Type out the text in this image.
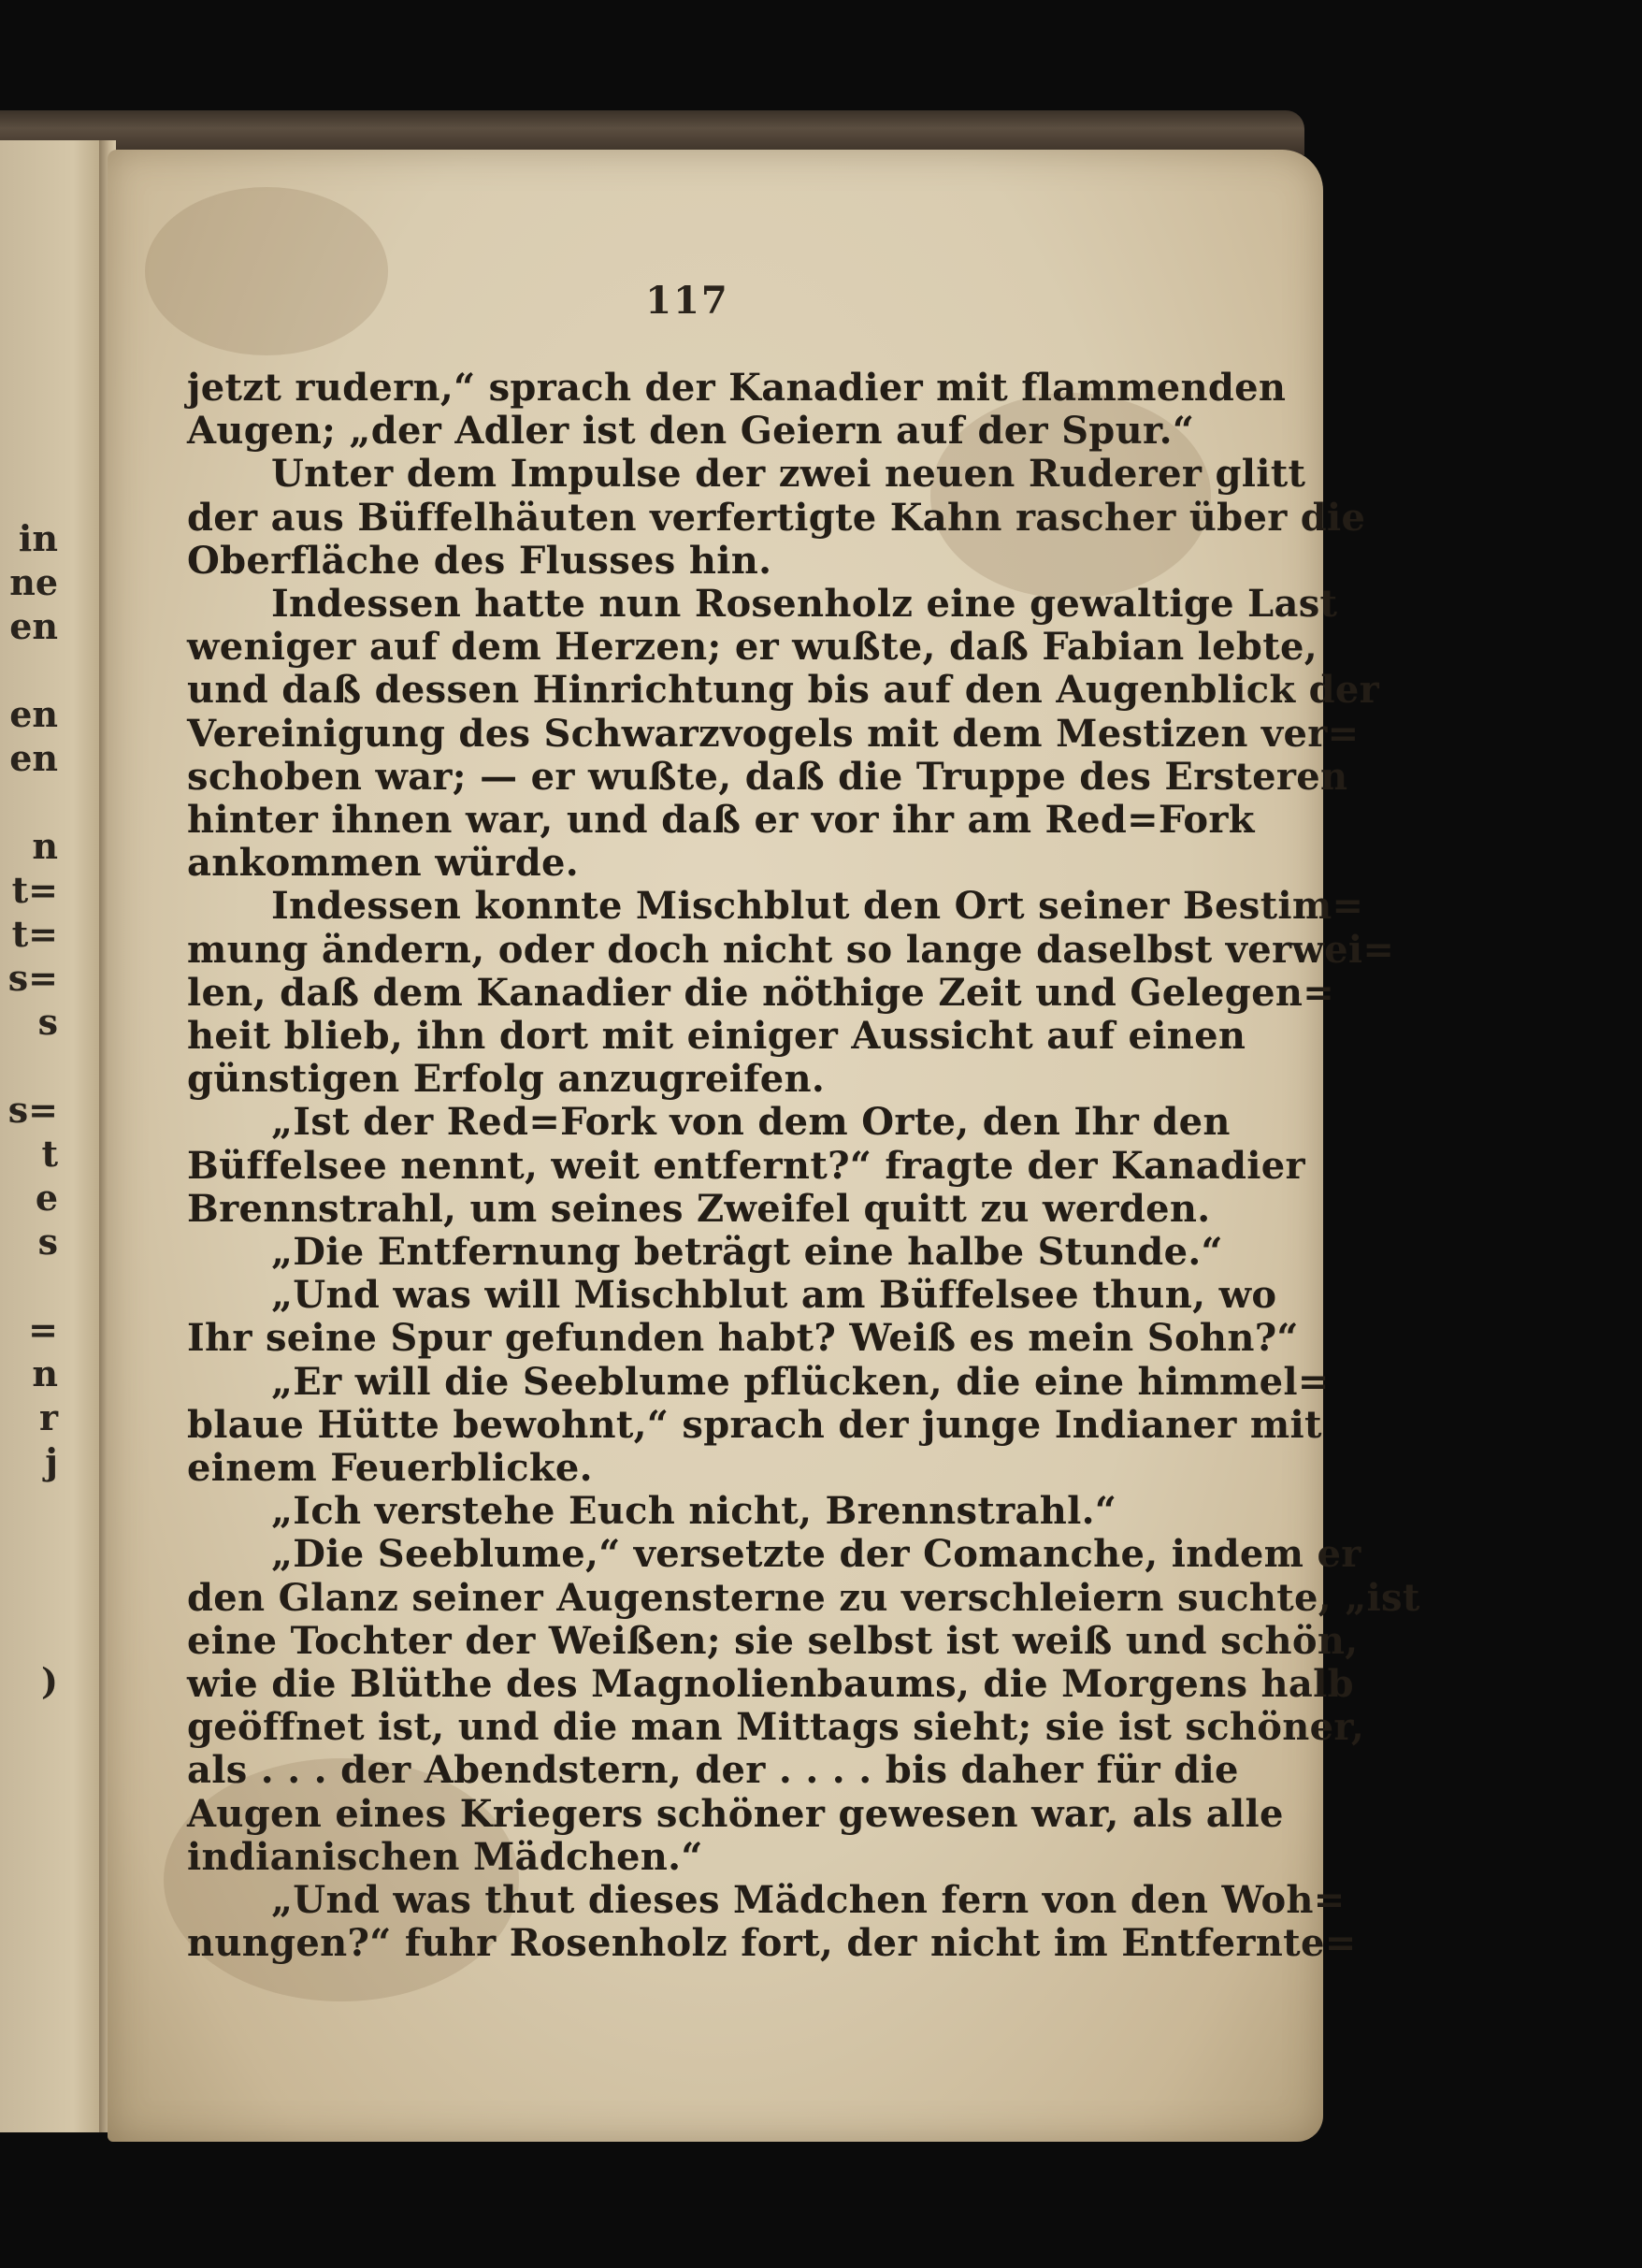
in
ne
en
en
en
n
t=
t=
s=
s
s=
t
e
s
=
n
r
j
)
117
jetzt rudern,“ sprach der Kanadier mit flammenden
Augen; „der Adler ist den Geiern auf der Spur.“
Unter dem Impulse der zwei neuen Ruderer glitt
der aus Büffelhäuten verfertigte Kahn rascher über die
Oberfläche des Flusses hin.
Indessen hatte nun Rosenholz eine gewaltige Last
weniger auf dem Herzen; er wußte, daß Fabian lebte,
und daß dessen Hinrichtung bis auf den Augenblick der
Vereinigung des Schwarzvogels mit dem Mestizen ver=
schoben war; — er wußte, daß die Truppe des Ersteren
hinter ihnen war, und daß er vor ihr am Red=Fork
ankommen würde.
Indessen konnte Mischblut den Ort seiner Bestim=
mung ändern, oder doch nicht so lange daselbst verwei=
len, daß dem Kanadier die nöthige Zeit und Gelegen=
heit blieb, ihn dort mit einiger Aussicht auf einen
günstigen Erfolg anzugreifen.
„Ist der Red=Fork von dem Orte, den Ihr den
Büffelsee nennt, weit entfernt?“ fragte der Kanadier
Brennstrahl, um seines Zweifel quitt zu werden.
„Die Entfernung beträgt eine halbe Stunde.“
„Und was will Mischblut am Büffelsee thun, wo
Ihr seine Spur gefunden habt? Weiß es mein Sohn?“
„Er will die Seeblume pflücken, die eine himmel=
blaue Hütte bewohnt,“ sprach der junge Indianer mit
einem Feuerblicke.
„Ich verstehe Euch nicht, Brennstrahl.“
„Die Seeblume,“ versetzte der Comanche, indem er
den Glanz seiner Augensterne zu verschleiern suchte, „ist
eine Tochter der Weißen; sie selbst ist weiß und schön,
wie die Blüthe des Magnolienbaums, die Morgens halb
geöffnet ist, und die man Mittags sieht; sie ist schöner,
als . . . der Abendstern, der . . . . bis daher für die
Augen eines Kriegers schöner gewesen war, als alle
indianischen Mädchen.“
„Und was thut dieses Mädchen fern von den Woh=
nungen?“ fuhr Rosenholz fort, der nicht im Entfernte=
